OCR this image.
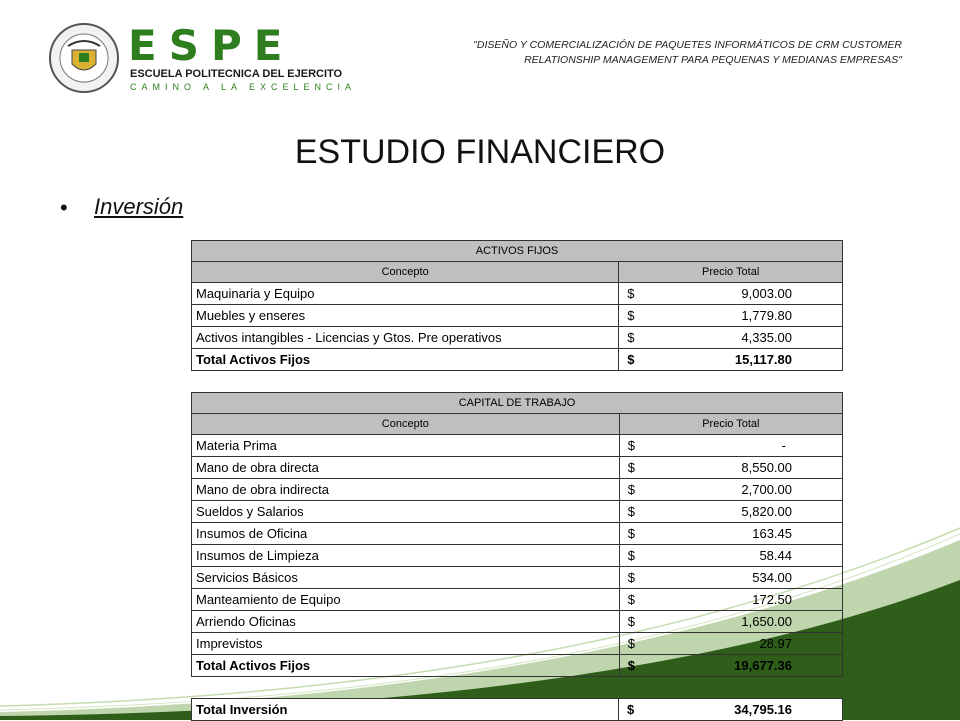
ESPE
ESCUELA POLITECNICA DEL EJERCITO
CAMINO A LA EXCELENCIA
"DISEÑO Y COMERCIALIZACIÓN DE PAQUETES INFORMÁTICOS DE CRM CUSTOMER
RELATIONSHIP MANAGEMENT PARA PEQUENAS Y MEDIANAS EMPRESAS"
ESTUDIO FINANCIERO
• Inversión
ACTIVOS FIJOS	
Concepto	Precio Total
Maquinaria y Equipo	$ 9,003.00

Muebles y enseres	$ 1,779.80

Activos intangibles - Licencias y Gtos. Pre operativos	$ 4,335.00

Total Activos Fijos	$ 15,117.80
CAPITAL DE TRABAJO	
Concepto	Precio Total
Materia Prima	$ -

Mano de obra directa	$ 8,550.00

Mano de obra indirecta	$ 2,700.00

Sueldos y Salarios	$ 5,820.00

Insumos de Oficina	$ 163.45

Insumos de Limpieza	$ 58.44

Servicios Básicos	$ 534.00

Manteamiento de Equipo	$ 172.50

Arriendo Oficinas	$ 1,650.00

Imprevistos	$ 28.97

Total Activos Fijos	$ 19,677.36
Total Inversión	$	34,795.16
